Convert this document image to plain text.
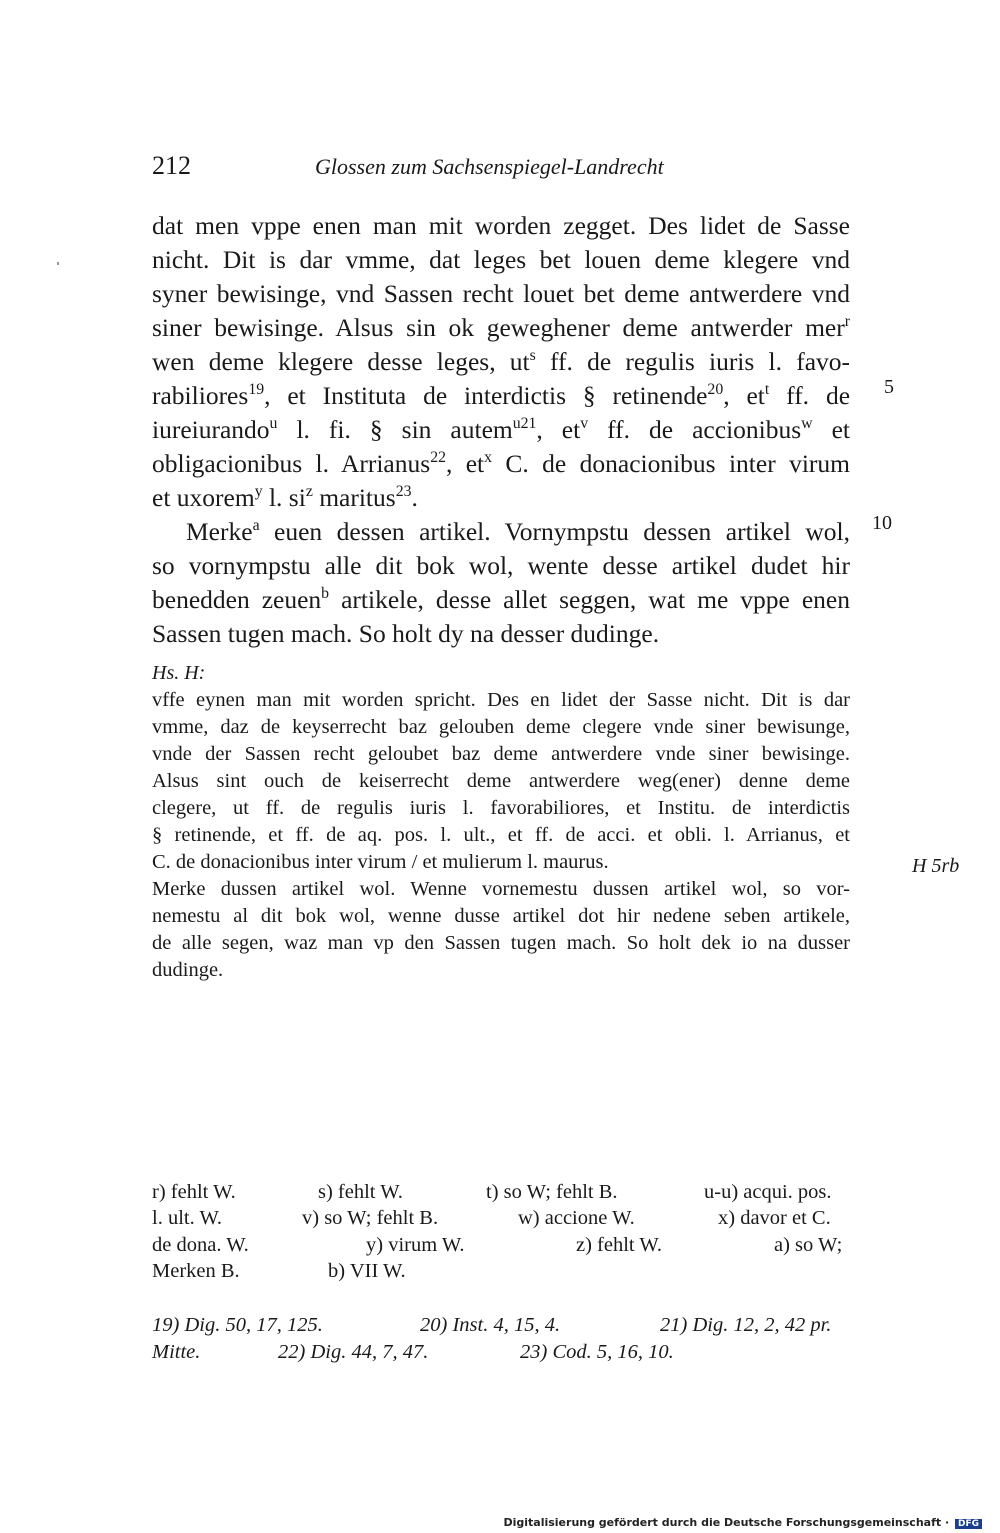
212	Glossen zum Sachsenspiegel-Landrecht
dat men vppe enen man mit worden zegget. Des lidet de Sasse
nicht. Dit is dar vmme, dat leges bet louen deme klegere vnd
syner bewisinge, vnd Sassen recht louet bet deme antwerdere vnd
siner bewisinge. Alsus sin ok geweghener deme antwerder mer$^r$
wen deme klegere desse leges, $ut^s$ ff. de regulis iuris l. favo-
rabiliores$^{19}$, et Instituta de interdictis § retinende$^{20}$, $et^t$ ff. de
iureiurando$^u$ l. fi. § sin autem$^{u21}$, $et^v$ ff. de accionibus$^w$ et
obligacionibus l. Arrianus$^{22}$, $et^x$ C. de donacionibus inter virum
et uxorem$^y$ l. $si^z$ maritus$^{23}$.
Merke$^a$ euen dessen artikel. Vornympstu dessen artikel wol,
so vornympstu alle dit bok wol, wente desse artikel dudet hir
benedden zeuen$^b$ artikele, desse allet seggen, wat me vppe enen
Sassen tugen mach. So holt dy na desser dudinge.
5
10
Hs. H:
vffe eynen man mit worden spricht. Des en lidet der Sasse nicht. Dit is dar
vmme, daz de keyserrecht baz gelouben deme clegere vnde siner bewisunge,
vnde der Sassen recht geloubet baz deme antwerdere vnde siner bewisinge.
Alsus sint ouch de keiserrecht deme antwerdere weg(ener) denne deme
clegere, ut ff. de regulis iuris l. favorabiliores, et Institu. de interdictis
§ retinende, et ff. de aq. pos. l. ult., et ff. de acci. et obli. l. Arrianus, et
C. de donacionibus inter virum / et mulierum l. maurus.
Merke dussen artikel wol. Wenne vornemestu dussen artikel wol, so vor-
nemestu al dit bok wol, wenne dusse artikel dot hir nedene seben artikele,
de alle segen, waz man vp den Sassen tugen mach. So holt dek io na dusser
dudinge.
H 5rb
r) fehlt W.	s) fehlt W.	t) so W; fehlt B.	u-u) acqui. pos.
l. ult. W.	v) so W; fehlt B.	w) accione W.	x) davor et C.
de dona. W.	y) virum W.	z) fehlt W.	a) so W;
Merken B.	b) VII W.
19) Dig. 50, 17, 125.	20) Inst. 4, 15, 4.	21) Dig. 12, 2, 42 pr.
Mitte.	22) Dig. 44, 7, 47.	23) Cod. 5, 16, 10.
Digitalisierung gefördert durch die Deutsche Forschungsgemeinschaft · DFG
